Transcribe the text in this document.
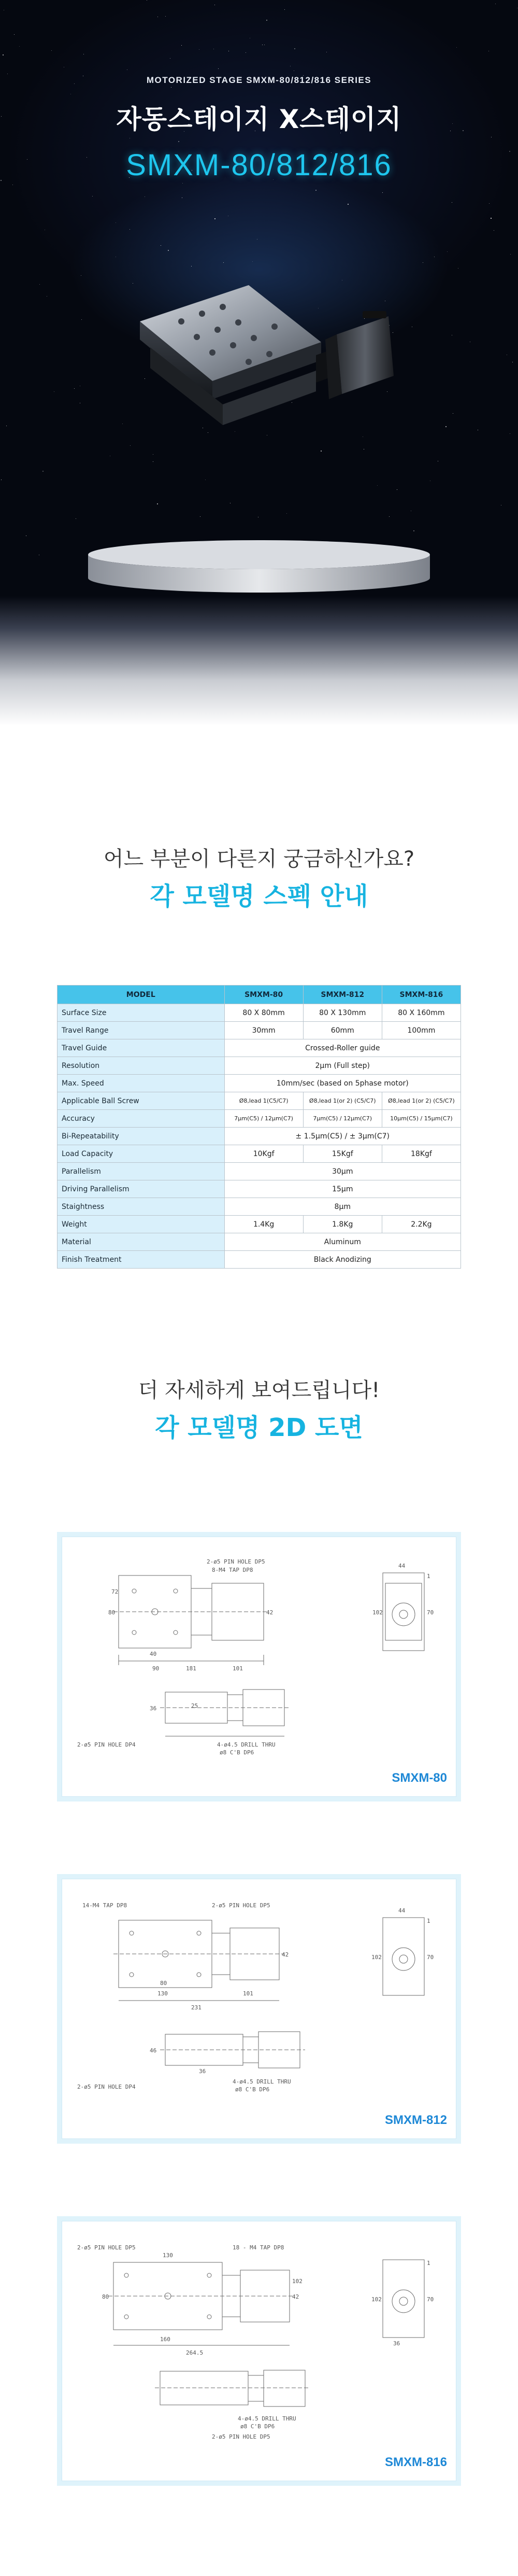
MOTORIZED STAGE SMXM-80/812/816 SERIES
자동스테이지 X스테이지
SMXM-80/812/816
어느 부분이 다른지 궁금하신가요?
각 모델명 스펙 안내
MODEL	SMXM-80	SMXM-812	SMXM-816
Surface Size	80 X 80mm	80 X 130mm	80 X 160mm
Travel Range	30mm	60mm	100mm
Travel Guide	Crossed-Roller guide		
Resolution	2μm (Full step)		
Max. Speed	10mm/sec (based on 5phase motor)		
Applicable Ball Screw	Ø8,lead 1(C5/C7)	Ø8,lead 1(or 2) (C5/C7)	Ø8,lead 1(or 2) (C5/C7)
Accuracy	7μm(C5) / 12μm(C7)	7μm(C5) / 12μm(C7)	10μm(C5) / 15μm(C7)
Bi-Repeatability	± 1.5μm(C5) / ± 3μm(C7)		
Load Capacity	10Kgf	15Kgf	18Kgf
Parallelism	30μm		
Driving Parallelism	15μm		
Staightness	8μm		
Weight	1.4Kg	1.8Kg	2.2Kg
Material	Aluminum		
Finish Treatment	Black Anodizing		
더 자세하게 보여드립니다!
각 모델명 2D 도면
2-ø5 PIN HOLE DP5
8-M4 TAP DP8
2-ø5 PIN HOLE DP4	4-ø4.5 DRILL THRU
ø8 C'B DP6
80
72
40
42
90	181	101
44
102
25
36
70
1
SMXM-80
14-M4 TAP DP8	2-ø5 PIN HOLE DP5
2-ø5 PIN HOLE DP4
4-ø4.5 DRILL THRU
ø8 C'B DP6
80
130
42
231
101
44
102
46
36
70
1
SMXM-812
2-ø5 PIN HOLE DP5	18 - M4 TAP DP8
4-ø4.5 DRILL THRU
ø8 C'B DP6
2-ø5 PIN HOLE DP5
130
80
160
264.5
102
42	102
36
70
1
SMXM-816
